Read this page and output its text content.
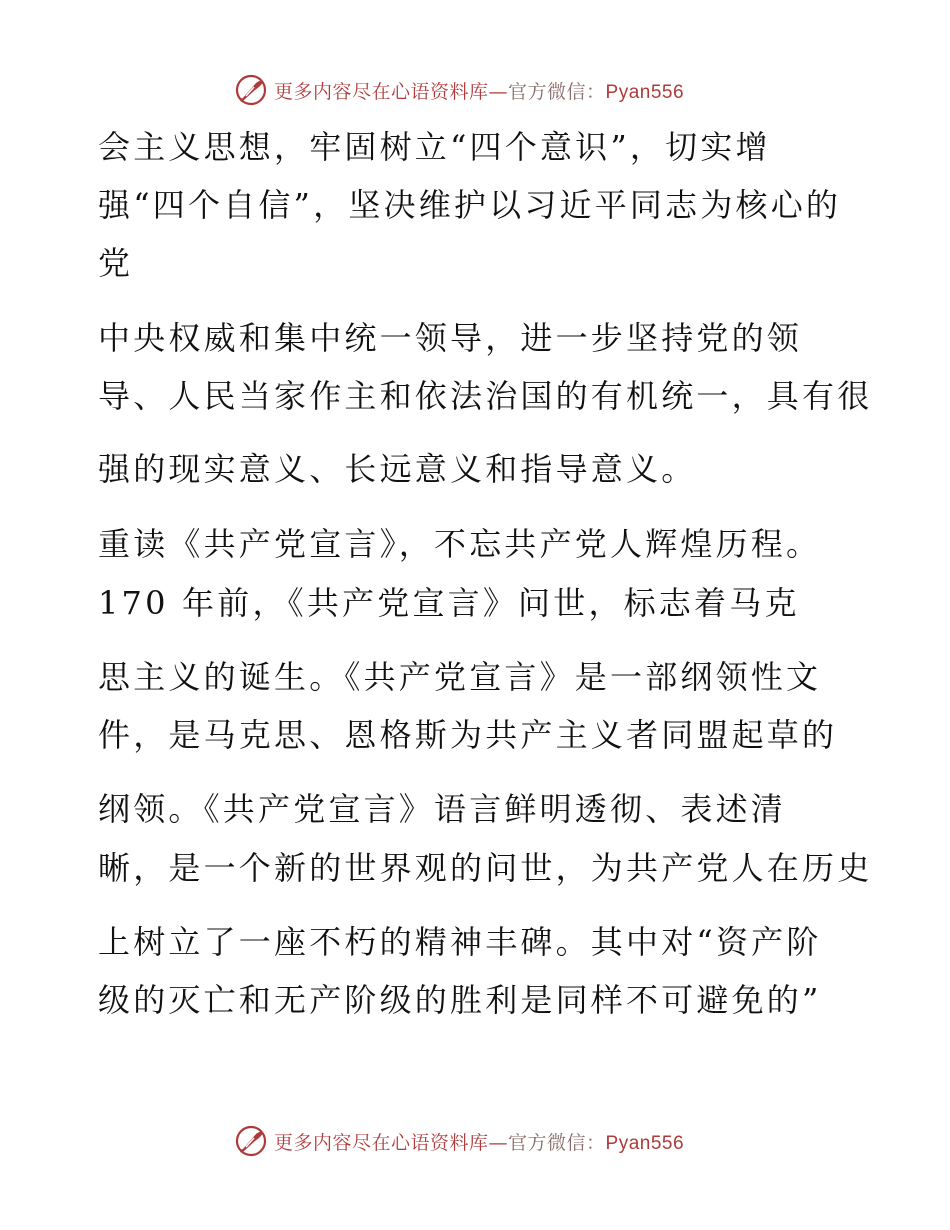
更多内容尽在心语资料库—官方微信：Pyan556
会主义思想，牢固树立“四个意识”，切实增
强“四个自信”，坚决维护以习近平同志为核心的
党
中央权威和集中统一领导，进一步坚持党的领
导、人民当家作主和依法治国的有机统一，具有很
强的现实意义、长远意义和指导意义。
重读《共产党宣言》，不忘共产党人辉煌历程。
170 年前，《共产党宣言》问世，标志着马克
思主义的诞生。《共产党宣言》是一部纲领性文
件，是马克思、恩格斯为共产主义者同盟起草的
纲领。《共产党宣言》语言鲜明透彻、表述清
晰，是一个新的世界观的问世，为共产党人在历史
上树立了一座不朽的精神丰碑。其中对“资产阶
级的灭亡和无产阶级的胜利是同样不可避免的”
更多内容尽在心语资料库—官方微信：Pyan556
